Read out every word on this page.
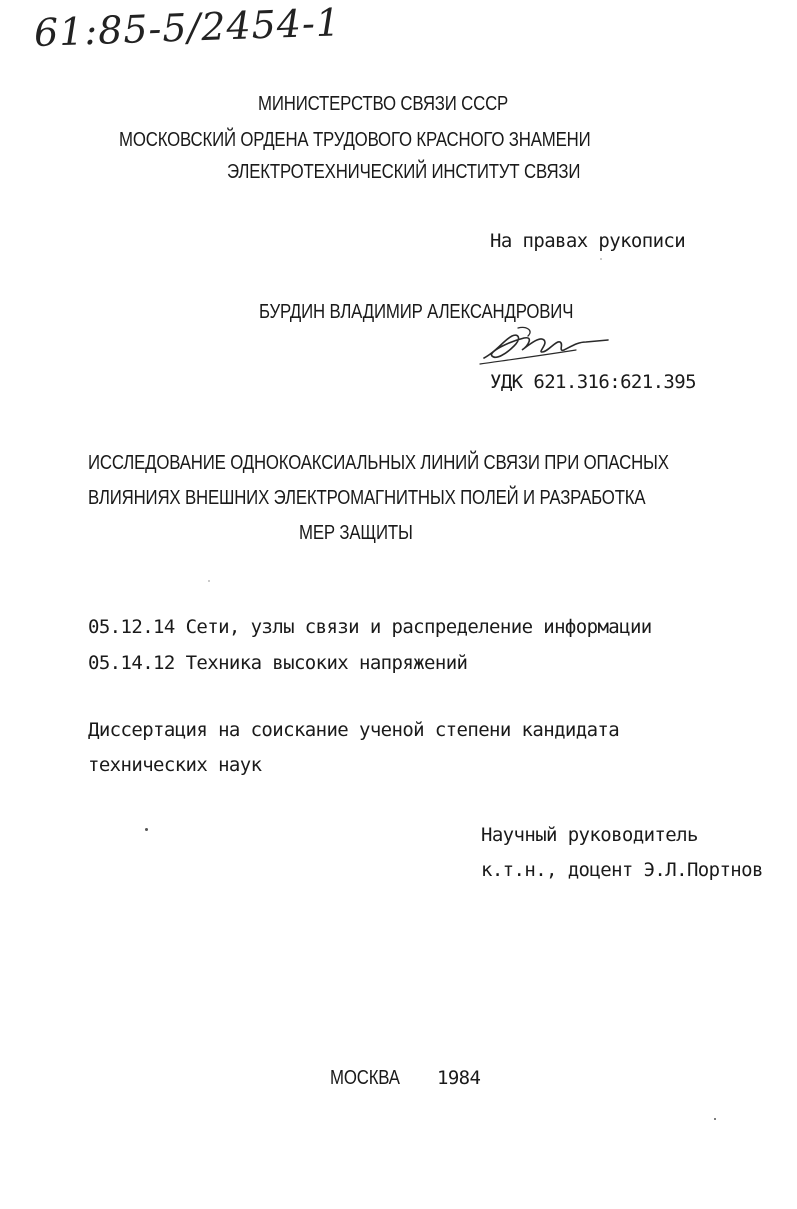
61:85-5/2454-1
МИНИСТЕРСТВО СВЯЗИ СССР
МОСКОВСКИЙ ОРДЕНА ТРУДОВОГО КРАСНОГО ЗНАМЕНИ
ЭЛЕКТРОТЕХНИЧЕСКИЙ ИНСТИТУТ СВЯЗИ
На правах рукописи
БУРДИН ВЛАДИМИР АЛЕКСАНДРОВИЧ
УДК 621.316:621.395
ИССЛЕДОВАНИЕ ОДНОКОАКСИАЛЬНЫХ ЛИНИЙ СВЯЗИ ПРИ ОПАСНЫХ
ВЛИЯНИЯХ ВНЕШНИХ ЭЛЕКТРОМАГНИТНЫХ ПОЛЕЙ И РАЗРАБОТКА
МЕР ЗАЩИТЫ
05.12.14 Сети, узлы связи и распределение информации
05.14.12 Техника высоких напряжений
Диссертация на соискание ученой степени кандидата
технических наук
Научный руководитель
к.т.н., доцент Э.Л.Портнов
МОСКВА 1984
